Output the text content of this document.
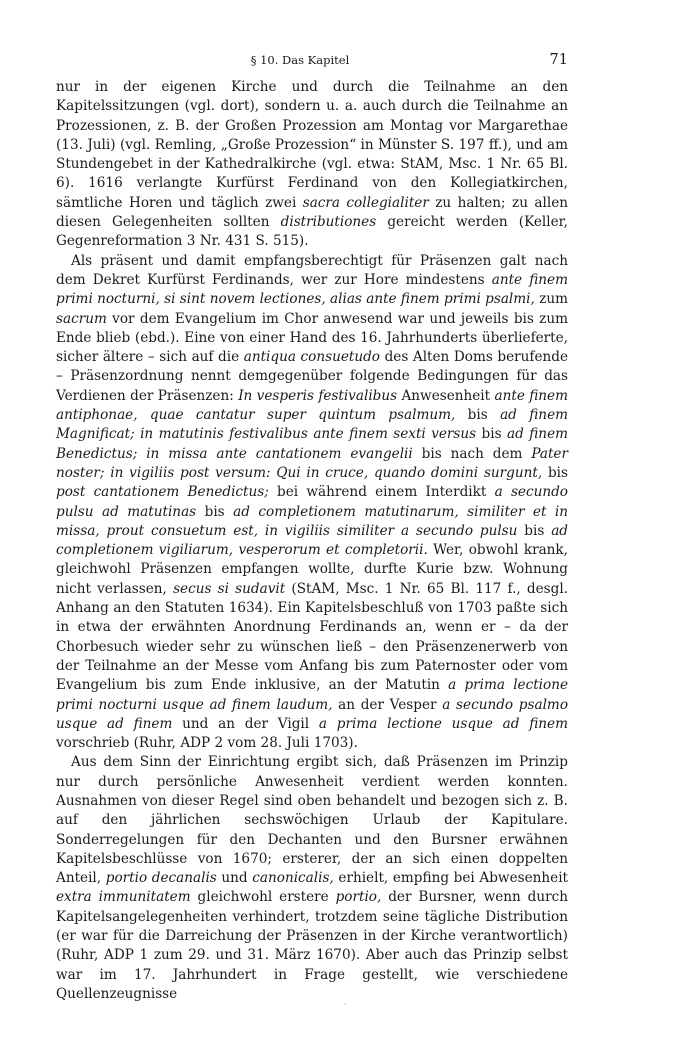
§ 10. Das Kapitel	71

nur in der eigenen Kirche und durch die Teilnahme an den Kapitelssitzungen (vgl. dort), sondern u. a. auch durch die Teilnahme an Prozessionen, z. B. der Großen Prozession am Montag vor Margarethae (13. Juli) (vgl. Remling, „Große Prozession“ in Münster S. 197 ff.), und am Stundengebet in der Kathedralkirche (vgl. etwa: StAM, Msc. 1 Nr. 65 Bl. 6). 1616 verlangte Kurfürst Ferdinand von den Kollegiatkirchen, sämtliche Horen und täglich zwei sacra collegialiter zu halten; zu allen diesen Gelegenheiten sollten distributiones gereicht werden (Keller, Gegenreformation 3 Nr. 431 S. 515).

Als präsent und damit empfangsberechtigt für Präsenzen galt nach dem Dekret Kurfürst Ferdinands, wer zur Hore mindestens ante finem primi nocturni, si sint novem lectiones, alias ante finem primi psalmi, zum sacrum vor dem Evangelium im Chor anwesend war und jeweils bis zum Ende blieb (ebd.). Eine von einer Hand des 16. Jahrhunderts überlieferte, sicher ältere – sich auf die antiqua consuetudo des Alten Doms berufende – Präsenzordnung nennt demgegenüber folgende Bedingungen für das Verdienen der Präsenzen: In vesperis festivalibus Anwesenheit ante finem antiphonae, quae cantatur super quintum psalmum, bis ad finem Magnificat; in matutinis festivalibus ante finem sexti versus bis ad finem Benedictus; in missa ante cantationem evangelii bis nach dem Pater noster; in vigiliis post versum: Qui in cruce, quando domini surgunt, bis post cantationem Benedictus; bei während einem Interdikt a secundo pulsu ad matutinas bis ad completionem matutinarum, similiter et in missa, prout consuetum est, in vigiliis similiter a secundo pulsu bis ad completionem vigiliarum, vesperorum et completorii. Wer, obwohl krank, gleichwohl Präsenzen empfangen wollte, durfte Kurie bzw. Wohnung nicht verlassen, secus si sudavit (StAM, Msc. 1 Nr. 65 Bl. 117 f., desgl. Anhang an den Statuten 1634). Ein Kapitelsbeschluß von 1703 paßte sich in etwa der erwähnten Anordnung Ferdinands an, wenn er – da der Chorbesuch wieder sehr zu wünschen ließ – den Präsenzenerwerb von der Teilnahme an der Messe vom Anfang bis zum Paternoster oder vom Evangelium bis zum Ende inklusive, an der Matutin a prima lectione primi nocturni usque ad finem laudum, an der Vesper a secundo psalmo usque ad finem und an der Vigil a prima lectione usque ad finem vorschrieb (Ruhr, ADP 2 vom 28. Juli 1703).

Aus dem Sinn der Einrichtung ergibt sich, daß Präsenzen im Prinzip nur durch persönliche Anwesenheit verdient werden konnten. Ausnahmen von dieser Regel sind oben behandelt und bezogen sich z. B. auf den jährlichen sechswöchigen Urlaub der Kapitulare. Sonderregelungen für den Dechanten und den Bursner erwähnen Kapitelsbeschlüsse von 1670; ersterer, der an sich einen doppelten Anteil, portio decanalis und canonicalis, erhielt, empfing bei Abwesenheit extra immunitatem gleichwohl erstere portio, der Bursner, wenn durch Kapitelsangelegenheiten verhindert, trotzdem seine tägliche Distribution (er war für die Darreichung der Präsenzen in der Kirche verantwortlich) (Ruhr, ADP 1 zum 29. und 31. März 1670). Aber auch das Prinzip selbst war im 17. Jahrhundert in Frage gestellt, wie verschiedene Quellenzeugnisse

·
